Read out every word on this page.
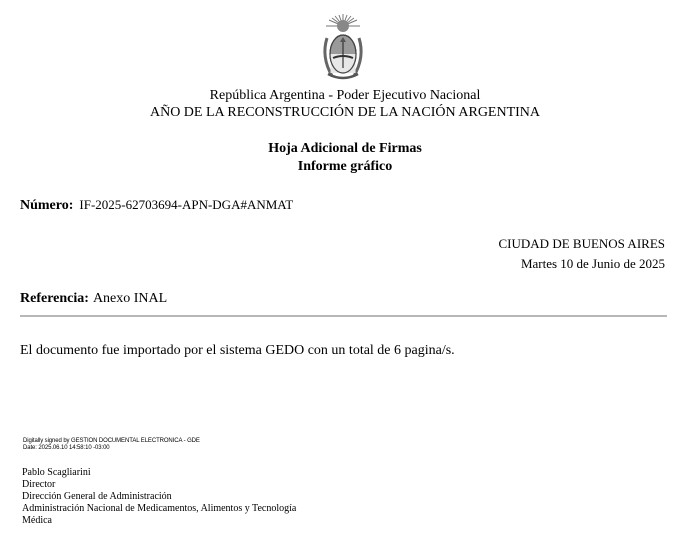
República Argentina - Poder Ejecutivo Nacional
AÑO DE LA RECONSTRUCCIÓN DE LA NACIÓN ARGENTINA
Hoja Adicional de Firmas
Informe gráfico
Número: IF-2025-62703694-APN-DGA#ANMAT
CIUDAD DE BUENOS AIRES
Martes 10 de Junio de 2025
Referencia: Anexo INAL
El documento fue importado por el sistema GEDO con un total de 6 pagina/s.
Digitally signed by GESTION DOCUMENTAL ELECTRONICA - GDE
Date: 2025.06.10 14:58:10 -03:00
Pablo Scagliarini
Director
Dirección General de Administración
Administración Nacional de Medicamentos, Alimentos y Tecnología
Médica
